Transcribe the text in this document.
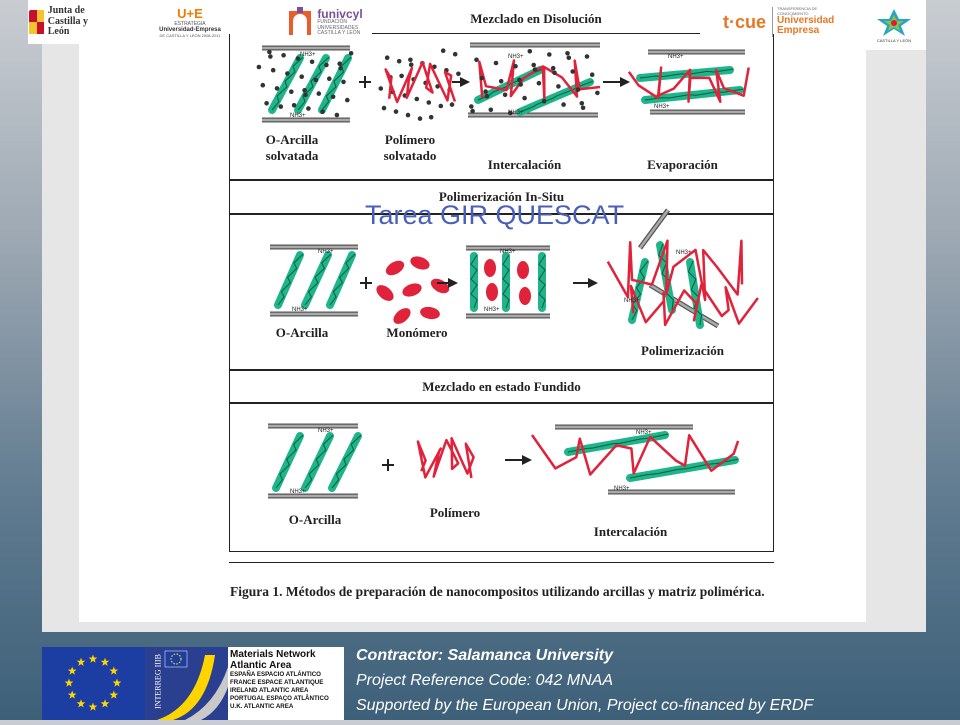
Junta de
Castilla y León
U+E
ESTRATEGIA
Universidad-Empresa
DE CASTILLA Y LEÓN 2008-2011
funivcyl
FUNDACIÓN
UNIVERSIDADES
CASTILLA Y LEÓN
t·cue
TRANSFERENCIA DE CONOCIMIENTO
Universidad
Empresa
CASTILLA Y LEÓN
Mezclado en Disolución
Polimerización In-Situ
Mezclado en estado Fundido
NH3+
NH3+
NH3+
NH3+
NH3+
NH3+
NH3+
NH3+
NH3+
NH3+
NH3+
NH3+
NH3+
NH3+
NH3+
NH3+
O-Arcilla
solvatada
Polímero
solvatado
Intercalación	Evaporación
O-Arcilla	Monómero
Polimerización
O-Arcilla	Polímero
Intercalación
Tarea GIR QUESCAT
Figura 1. Métodos de preparación de nanocompositos utilizando arcillas y matriz polimérica.
INTERREG IIIB	Materials Network Atlantic Area
ESPAÑA ESPACIO ATLÁNTICO
FRANCE ESPACE ATLANTIQUE
IRELAND ATLANTIC AREA
PORTUGAL ESPAÇO ATLÂNTICO
U.K. ATLANTIC AREA
Contractor: Salamanca University
Project Reference Code: 042 MNAA
Supported by the European Union, Project co-financed by ERDF
